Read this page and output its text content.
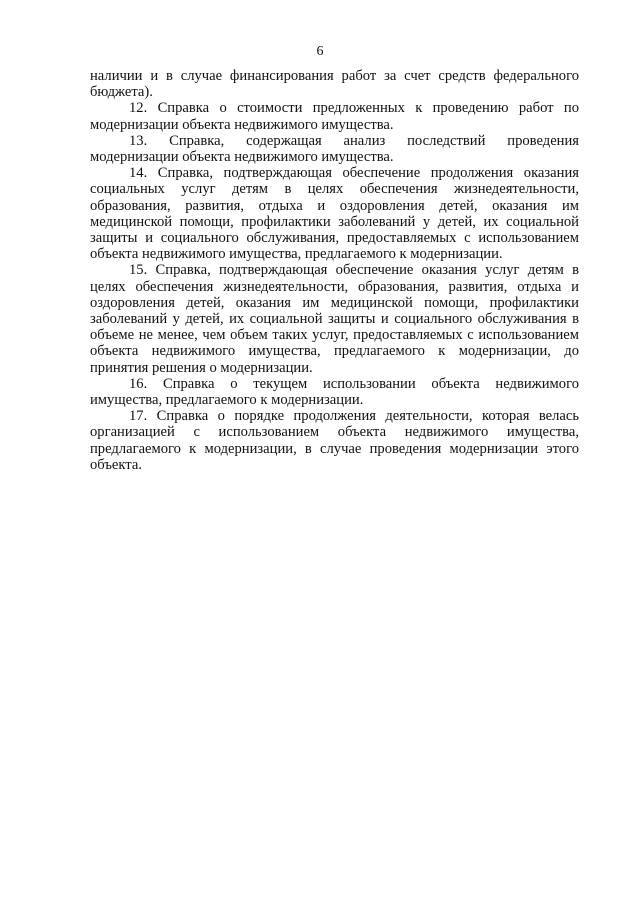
6

наличии и в случае финансирования работ за счет средств федерального бюджета).

12. Справка о стоимости предложенных к проведению работ по модернизации объекта недвижимого имущества.

13. Справка, содержащая анализ последствий проведения модернизации объекта недвижимого имущества.

14. Справка, подтверждающая обеспечение продолжения оказания социальных услуг детям в целях обеспечения жизнедеятельности, образования, развития, отдыха и оздоровления детей, оказания им медицинской помощи, профилактики заболеваний у детей, их социальной защиты и социального обслуживания, предоставляемых с использованием объекта недвижимого имущества, предлагаемого к модернизации.

15. Справка, подтверждающая обеспечение оказания услуг детям в целях обеспечения жизнедеятельности, образования, развития, отдыха и оздоровления детей, оказания им медицинской помощи, профилактики заболеваний у детей, их социальной защиты и социального обслуживания в объеме не менее, чем объем таких услуг, предоставляемых с использованием объекта недвижимого имущества, предлагаемого к модернизации, до принятия решения о модернизации.

16. Справка о текущем использовании объекта недвижимого имущества, предлагаемого к модернизации.

17. Справка о порядке продолжения деятельности, которая велась организацией с использованием объекта недвижимого имущества, предлагаемого к модернизации, в случае проведения модернизации этого объекта.
